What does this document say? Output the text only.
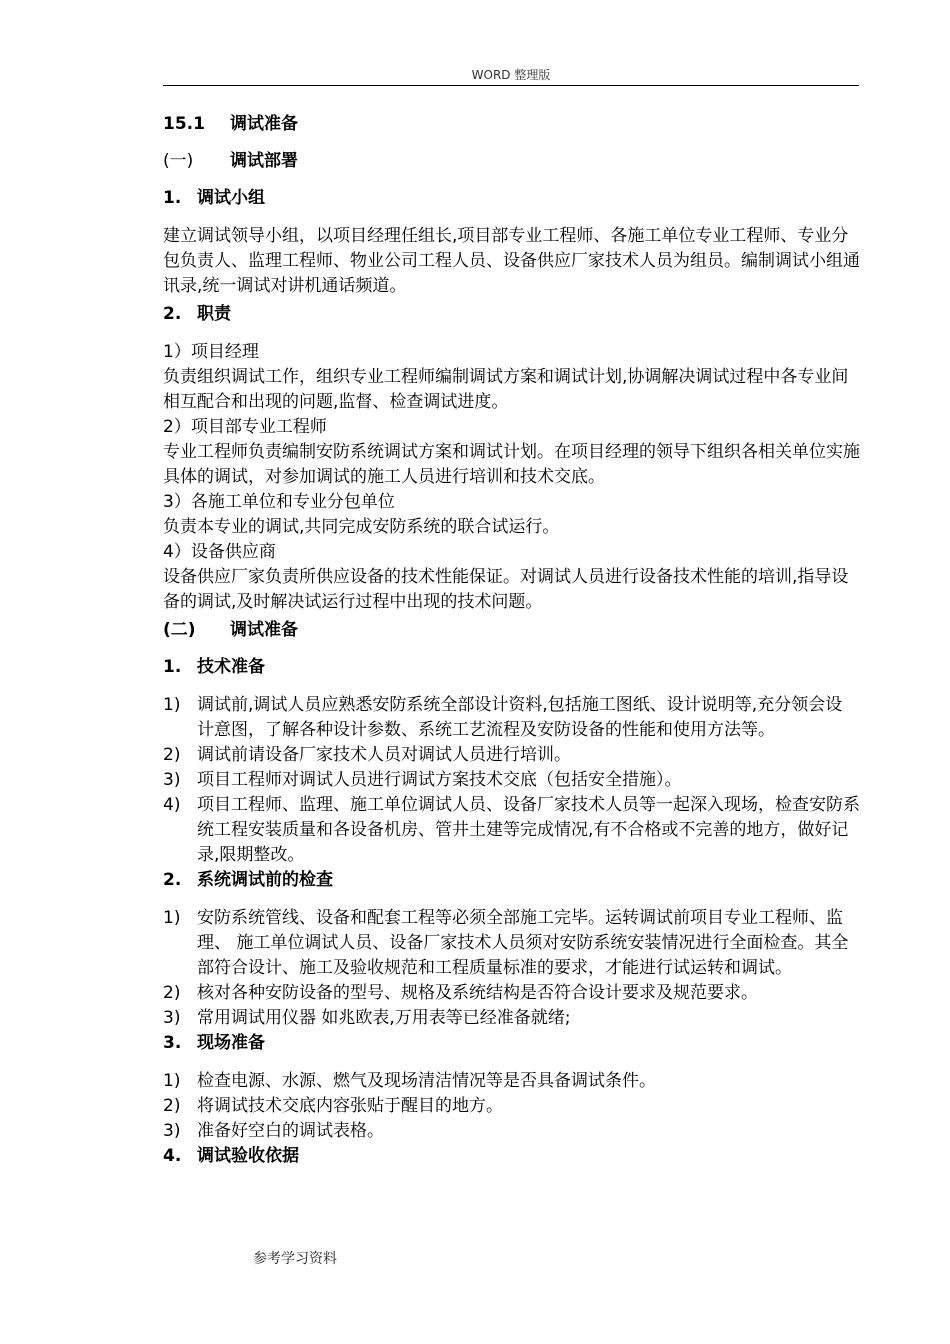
WORD 整理版
15.1 调试准备
(一) 调试部署
1. 调试小组

建立调试领导小组，以项目经理任组长,项目部专业工程师、各施工单位专业工程师、专业分包负责人、监理工程师、物业公司工程人员、设备供应厂家技术人员为组员。编制调试小组通讯录,统一调试对讲机通话频道。

2. 职责

1）项目经理

负责组织调试工作，组织专业工程师编制调试方案和调试计划,协调解决调试过程中各专业间相互配合和出现的问题,监督、检查调试进度。

2）项目部专业工程师

专业工程师负责编制安防系统调试方案和调试计划。在项目经理的领导下组织各相关单位实施具体的调试，对参加调试的施工人员进行培训和技术交底。

3）各施工单位和专业分包单位

负责本专业的调试,共同完成安防系统的联合试运行。

4）设备供应商

设备供应厂家负责所供应设备的技术性能保证。对调试人员进行设备技术性能的培训,指导设备的调试,及时解决试运行过程中出现的技术问题。

(二) 调试准备
1. 技术准备
1) 调试前,调试人员应熟悉安防系统全部设计资料,包括施工图纸、设计说明等,充分领会设 计意图，了解各种设计参数、系统工艺流程及安防设备的性能和使用方法等。
2) 调试前请设备厂家技术人员对调试人员进行培训。
3) 项目工程师对调试人员进行调试方案技术交底（包括安全措施）。
4) 项目工程师、监理、施工单位调试人员、设备厂家技术人员等一起深入现场，检查安防系 统工程安装质量和各设备机房、管井土建等完成情况,有不合格或不完善的地方，做好记录,限期整改。
2. 系统调试前的检查
1) 安防系统管线、设备和配套工程等必须全部施工完毕。运转调试前项目专业工程师、监理、 施工单位调试人员、设备厂家技术人员须对安防系统安装情况进行全面检查。其全部符合设计、施工及验收规范和工程质量标准的要求，才能进行试运转和调试。
2) 核对各种安防设备的型号、规格及系统结构是否符合设计要求及规范要求。
3) 常用调试用仪器 如兆欧表,万用表等已经准备就绪;
3. 现场准备
1) 检查电源、水源、燃气及现场清洁情况等是否具备调试条件。
2) 将调试技术交底内容张贴于醒目的地方。
3) 准备好空白的调试表格。
4. 调试验收依据
参考学习资料
